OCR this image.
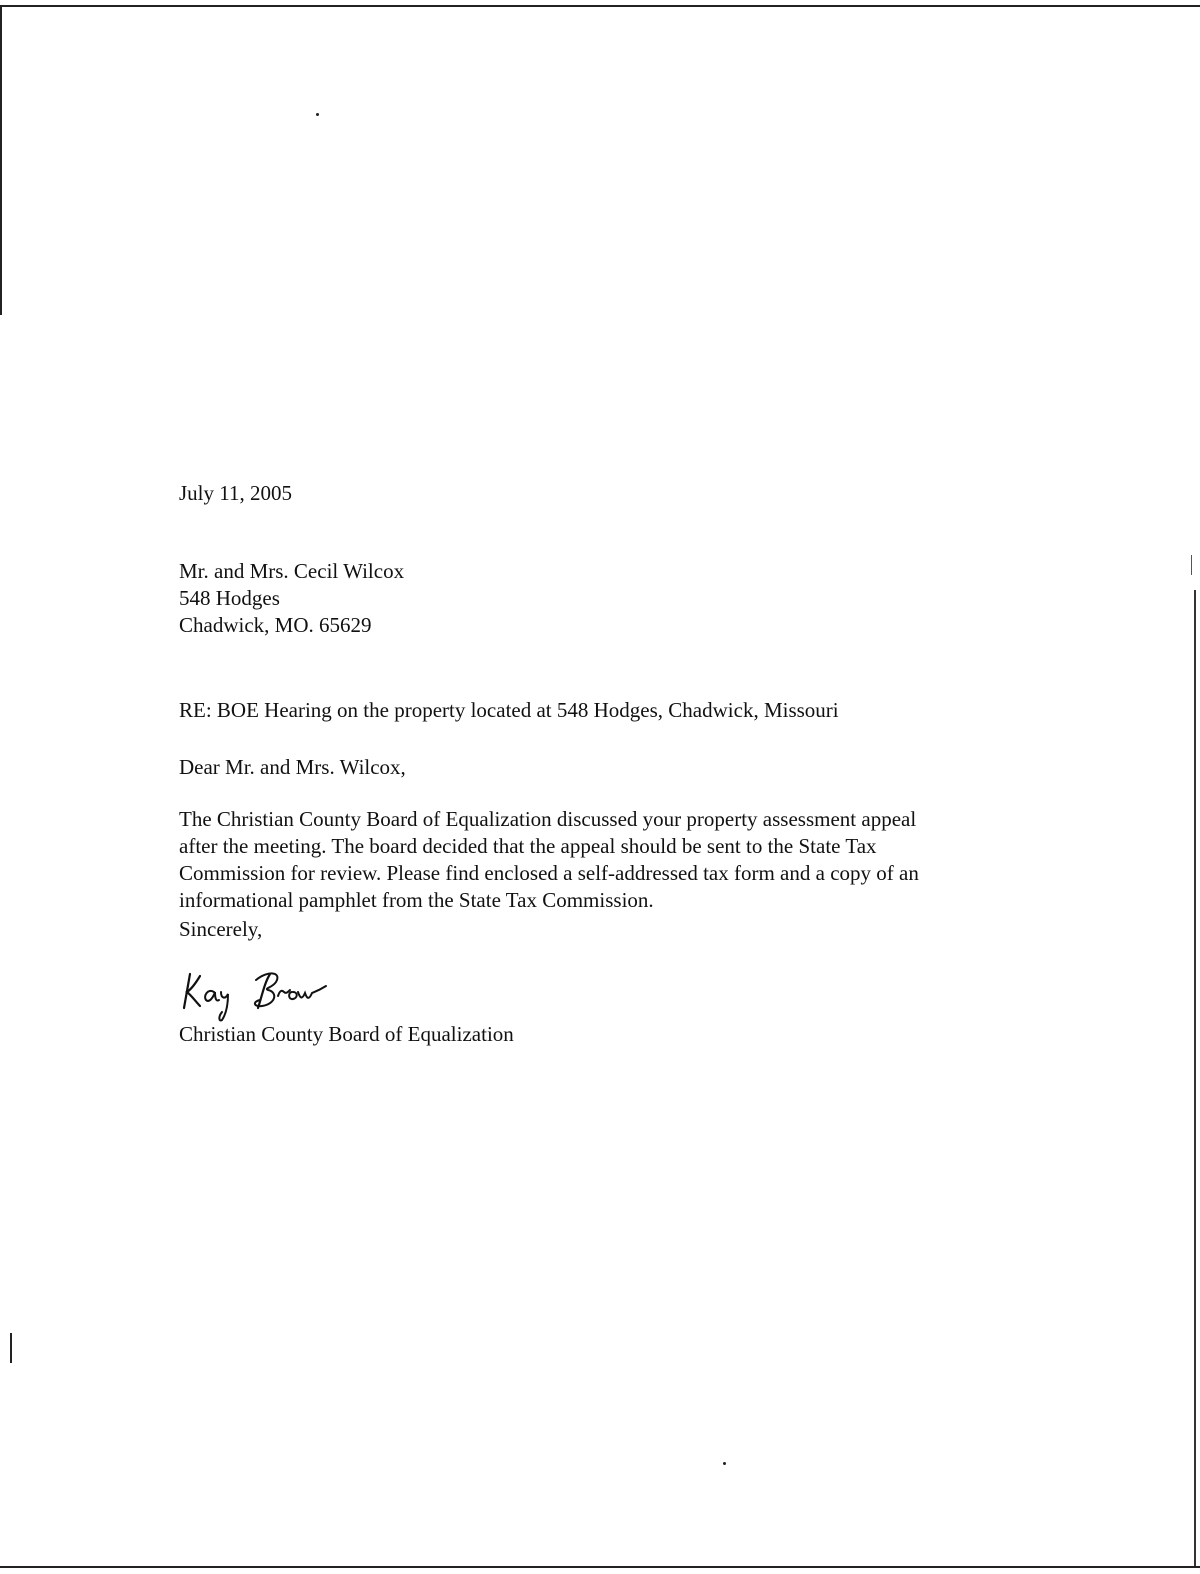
July 11, 2005

Mr. and Mrs. Cecil Wilcox
548 Hodges
Chadwick, MO. 65629

RE: BOE Hearing on the property located at 548 Hodges, Chadwick, Missouri

Dear Mr. and Mrs. Wilcox,

The Christian County Board of Equalization discussed your property assessment appeal
after the meeting. The board decided that the appeal should be sent to the State Tax
Commission for review. Please find enclosed a self-addressed tax form and a copy of an
informational pamphlet from the State Tax Commission.

Sincerely,

Christian County Board of Equalization
